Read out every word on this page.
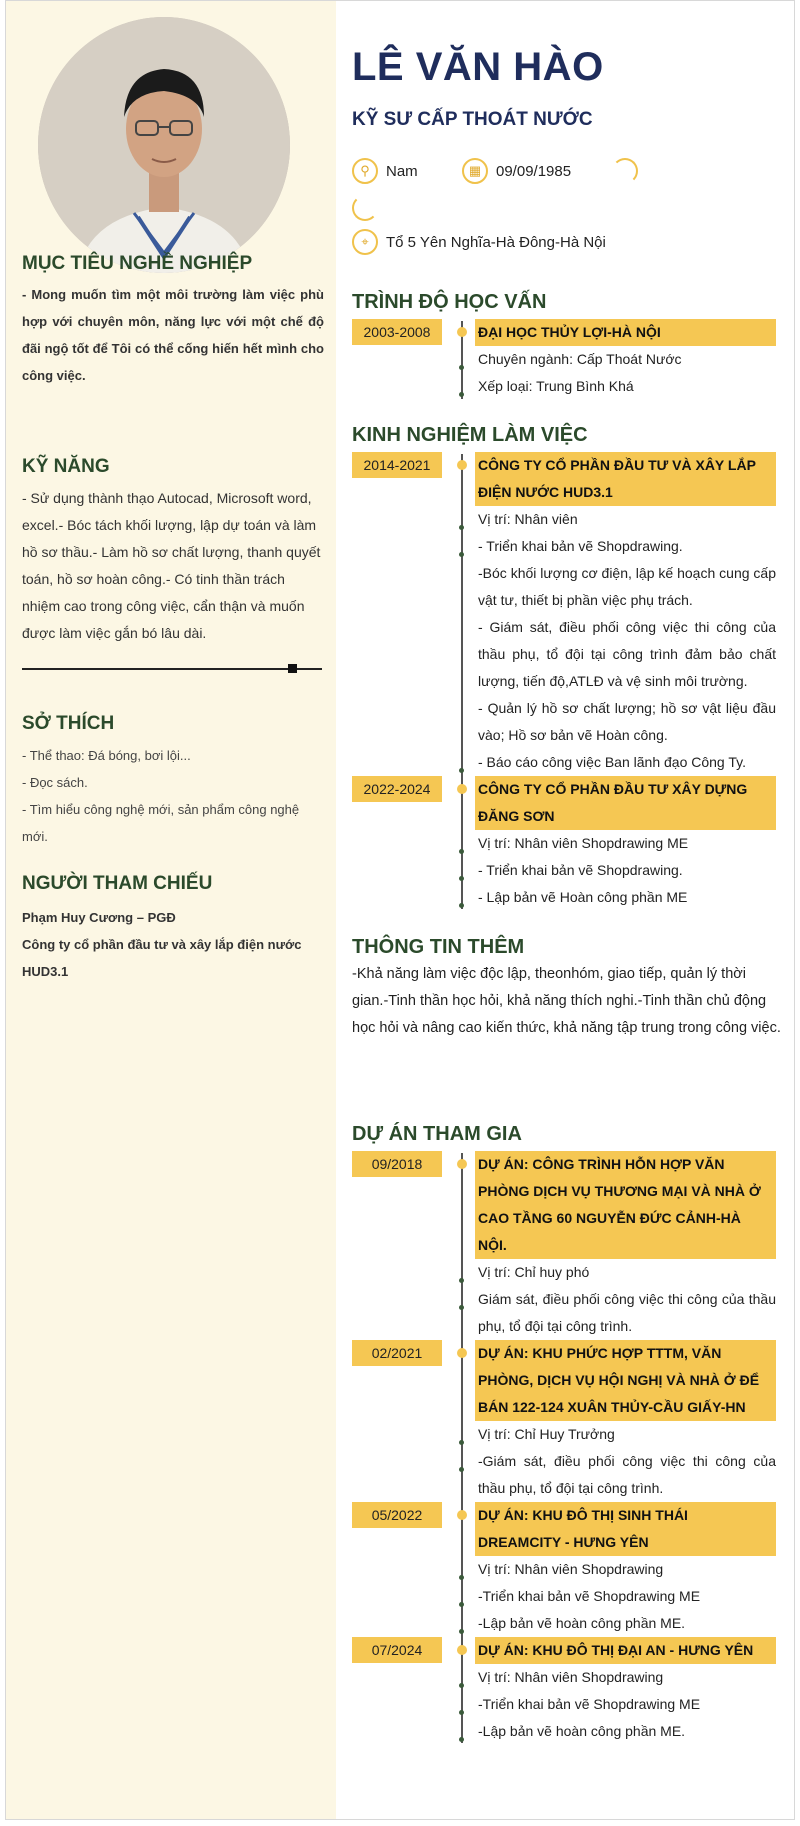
MỤC TIÊU NGHỀ NGHIỆP
- Mong muốn tìm một môi trường làm việc phù hợp với chuyên môn, năng lực với một chế độ đãi ngộ tốt để Tôi có thể cống hiến hết mình cho công việc.
KỸ NĂNG
- Sử dụng thành thạo Autocad, Microsoft word, excel.- Bóc tách khối lượng, lập dự toán và làm hồ sơ thầu.- Làm hồ sơ chất lượng, thanh quyết toán, hồ sơ hoàn công.- Có tinh thần trách nhiệm cao trong công việc, cẩn thận và muốn được làm việc gắn bó lâu dài.
SỞ THÍCH
- Thể thao: Đá bóng, bơi lội...
- Đọc sách.
- Tìm hiểu công nghệ mới, sản phẩm công nghệ mới.
NGƯỜI THAM CHIẾU
Phạm Huy Cương – PGĐ
Công ty cổ phần đầu tư và xây lắp điện nước HUD3.1
LÊ VĂN HÀO
KỸ SƯ CẤP THOÁT NƯỚC
⚲	Nam	▦ 09/09/1985
⌖	Tổ 5 Yên Nghĩa-Hà Đông-Hà Nội
TRÌNH ĐỘ HỌC VẤN
2003-2008	ĐẠI HỌC THỦY LỢI-HÀ NỘI
Chuyên ngành: Cấp Thoát Nước
Xếp loại: Trung Bình Khá
KINH NGHIỆM LÀM VIỆC
2014-2021	CÔNG TY CỔ PHẦN ĐẦU TƯ VÀ XÂY LẮP ĐIỆN NƯỚC HUD3.1
Vị trí: Nhân viên
- Triển khai bản vẽ Shopdrawing.
-Bóc khối lượng cơ điện, lập kế hoạch cung cấp vật tư, thiết bị phần việc phụ trách.
- Giám sát, điều phối công việc thi công của thầu phụ, tổ đội tại công trình đảm bảo chất lượng, tiến độ,ATLĐ và vệ sinh môi trường.
- Quản lý hồ sơ chất lượng; hồ sơ vật liệu đầu vào; Hồ sơ bản vẽ Hoàn công.
- Báo cáo công việc Ban lãnh đạo Công Ty.
2022-2024	CÔNG TY CỔ PHẦN ĐẦU TƯ XÂY DỰNG ĐĂNG SƠN
Vị trí: Nhân viên Shopdrawing ME
- Triển khai bản vẽ Shopdrawing.
- Lập bản vẽ Hoàn công phần ME
THÔNG TIN THÊM
-Khả năng làm việc độc lập, theonhóm, giao tiếp, quản lý thời gian.-Tinh thần học hỏi, khả năng thích nghi.-Tinh thần chủ động học hỏi và nâng cao kiến thức, khả năng tập trung trong công việc.
DỰ ÁN THAM GIA
09/2018	DỰ ÁN: CÔNG TRÌNH HỖN HỢP VĂN PHÒNG DỊCH VỤ THƯƠNG MẠI VÀ NHÀ Ở CAO TẦNG 60 NGUYỄN ĐỨC CẢNH-HÀ NỘI.
Vị trí: Chỉ huy phó
Giám sát, điều phối công việc thi công của thầu phụ, tổ đội tại công trình.
02/2021	DỰ ÁN: KHU PHỨC HỢP TTTM, VĂN PHÒNG, DỊCH VỤ HỘI NGHỊ VÀ NHÀ Ở ĐỂ BÁN 122-124 XUÂN THỦY-CẦU GIẤY-HN
Vị trí: Chỉ Huy Trưởng
-Giám sát, điều phối công việc thi công của thầu phụ, tổ đội tại công trình.
05/2022	DỰ ÁN: KHU ĐÔ THỊ SINH THÁI DREAMCITY - HƯNG YÊN
Vị trí: Nhân viên Shopdrawing
-Triển khai bản vẽ Shopdrawing ME
-Lập bản vẽ hoàn công phần ME.
07/2024	DỰ ÁN: KHU ĐÔ THỊ ĐẠI AN - HƯNG YÊN
Vị trí: Nhân viên Shopdrawing
-Triển khai bản vẽ Shopdrawing ME
-Lập bản vẽ hoàn công phần ME.
